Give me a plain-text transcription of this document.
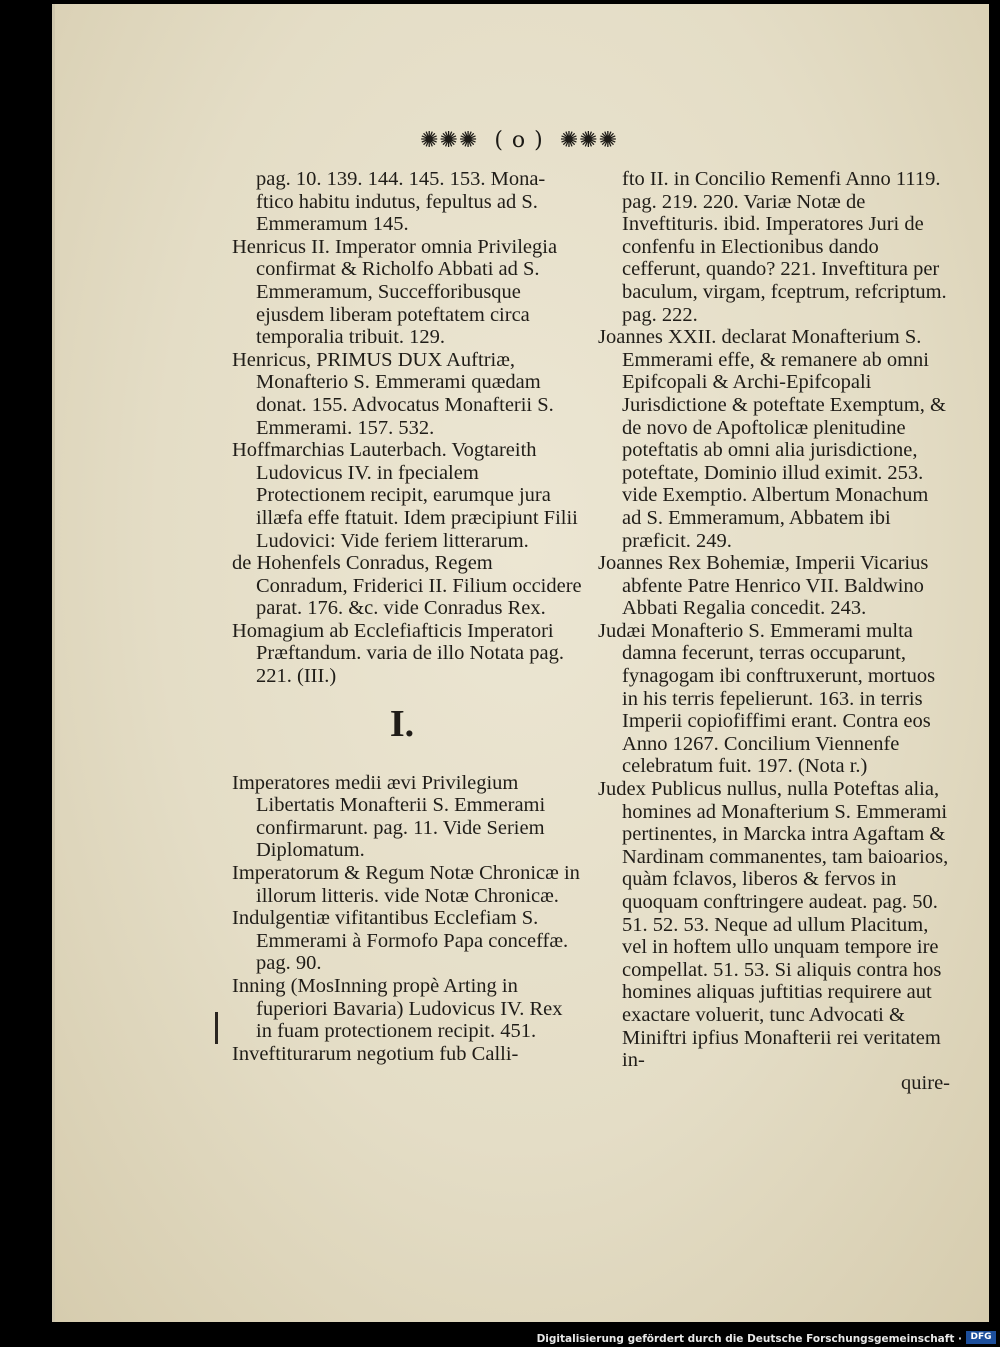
✺✺✺ ( o ) ✺✺✺

pag. 10. 139. 144. 145. 153. Mona-ftico habitu indutus, fepultus ad S. Emmeramum 145.

Henricus II. Imperator omnia Privilegia confirmat & Richolfo Abbati ad S. Emmeramum, Succefforibusque ejusdem liberam poteftatem circa temporalia tribuit. 129.

Henricus, PRIMUS DUX Auftriæ, Monafterio S. Emmerami quædam donat. 155. Advocatus Monafterii S. Emmerami. 157. 532.

Hoffmarchias Lauterbach. Vogtareith Ludovicus IV. in fpecialem Protectionem recipit, earumque jura illæfa effe ftatuit. Idem præcipiunt Filii Ludovici: Vide feriem litterarum.

de Hohenfels Conradus, Regem Conradum, Friderici II. Filium occidere parat. 176. &c. vide Conradus Rex.

Homagium ab Ecclefiafticis Imperatori Præftandum. varia de illo Notata pag. 221. (III.)

I.

Imperatores medii ævi Privilegium Libertatis Monafterii S. Emmerami confirmarunt. pag. 11. Vide Seriem Diplomatum.

Imperatorum & Regum Notæ Chronicæ in illorum litteris. vide Notæ Chronicæ.

Indulgentiæ vifitantibus Ecclefiam S. Emmerami à Formofo Papa conceffæ. pag. 90.

Inning (MosInning propè Arting in fuperiori Bavaria) Ludovicus IV. Rex in fuam protectionem recipit. 451.

Inveftiturarum negotium fub Calli-

fto II. in Concilio Remenfi Anno 1119. pag. 219. 220. Variæ Notæ de Inveftituris. ibid. Imperatores Juri de confenfu in Electionibus dando cefferunt, quando? 221. Inveftitura per baculum, virgam, fceptrum, refcriptum. pag. 222.

Joannes XXII. declarat Monafterium S. Emmerami effe, & remanere ab omni Epifcopali & Archi-Epifcopali Jurisdictione & poteftate Exemptum, & de novo de Apoftolicæ plenitudine poteftatis ab omni alia jurisdictione, poteftate, Dominio illud eximit. 253. vide Exemptio. Albertum Monachum ad S. Emmeramum, Abbatem ibi præficit. 249.

Joannes Rex Bohemiæ, Imperii Vicarius abfente Patre Henrico VII. Baldwino Abbati Regalia concedit. 243.

Judæi Monafterio S. Emmerami multa damna fecerunt, terras occuparunt, fynagogam ibi conftruxerunt, mortuos in his terris fepelierunt. 163. in terris Imperii copiofiffimi erant. Contra eos Anno 1267. Concilium Viennenfe celebratum fuit. 197. (Nota r.)

Judex Publicus nullus, nulla Poteftas alia, homines ad Monafterium S. Emmerami pertinentes, in Marcka intra Agaftam & Nardinam commanentes, tam baioarios, quàm fclavos, liberos & fervos in quoquam conftringere audeat. pag. 50. 51. 52. 53. Neque ad ullum Placitum, vel in hoftem ullo unquam tempore ire compellat. 51. 53. Si aliquis contra hos homines aliquas juftitias requirere aut exactare voluerit, tunc Advocati & Miniftri ipfius Monafterii rei veritatem in-

quire-
Digitalisierung gefördert durch die Deutsche Forschungsgemeinschaft · DFG
